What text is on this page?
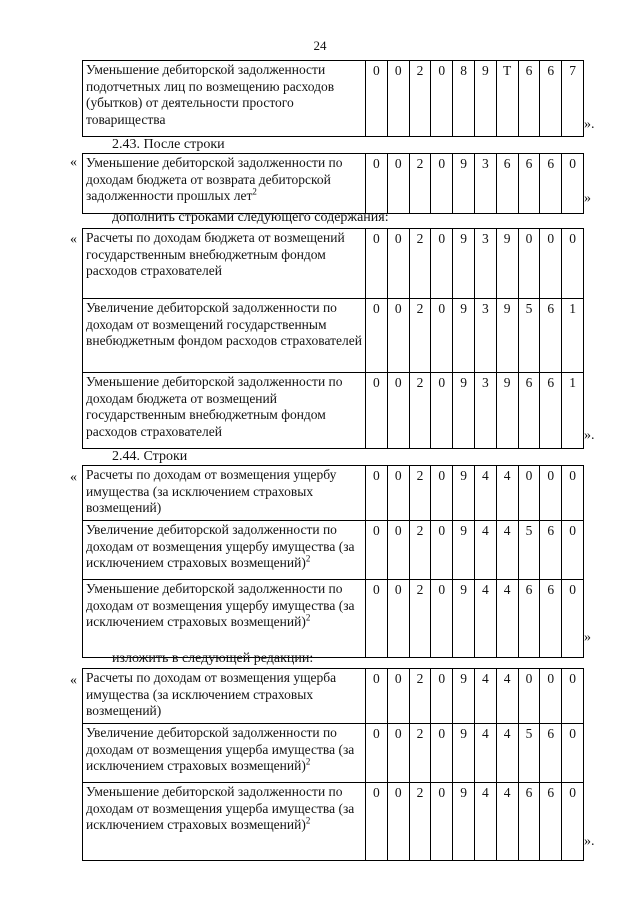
24
Уменьшение дебиторской задолженности подотчетных лиц по возмещению расходов (убытков) от деятельности простого товарищества
0	0	2	0	8	9	Т	6	6	7
».
2.43. После строки
« Уменьшение дебиторской задолженности по доходам бюджета от возврата дебиторской задолженности прошлых лет$^2$
0	0	2	0	9	3	6	6	6	0
»
дополнить строками следующего содержания:
« Расчеты по доходам бюджета от возмещений государственным внебюджетным фондом расходов страхователей
0	0	2	0	9	3	9	0	0	0
Увеличение дебиторской задолженности по доходам от возмещений государственным внебюджетным фондом расходов страхователей
0	0	2	0	9	3	9	5	6	1
Уменьшение дебиторской задолженности по доходам бюджета от возмещений государственным внебюджетным фондом расходов страхователей
0	0	2	0	9	3	9	6	6	1
».
2.44. Строки
« Расчеты по доходам от возмещения ущербу имущества (за исключением страховых возмещений)
0	0	2	0	9	4	4	0	0	0
Увеличение дебиторской задолженности по доходам от возмещения ущербу имущества (за исключением страховых возмещений)$^2$
0	0	2	0	9	4	4	5	6	0
Уменьшение дебиторской задолженности по доходам от возмещения ущербу имущества (за исключением страховых возмещений)$^2$
0	0	2	0	9	4	4	6	6	0
»
изложить в следующей редакции:
« Расчеты по доходам от возмещения ущерба имущества (за исключением страховых возмещений)
0	0	2	0	9	4	4	0	0	0
Увеличение дебиторской задолженности по доходам от возмещения ущерба имущества (за исключением страховых возмещений)$^2$
0	0	2	0	9	4	4	5	6	0
Уменьшение дебиторской задолженности по доходам от возмещения ущерба имущества (за исключением страховых возмещений)$^2$
0	0	2	0	9	4	4	6	6	0
».
